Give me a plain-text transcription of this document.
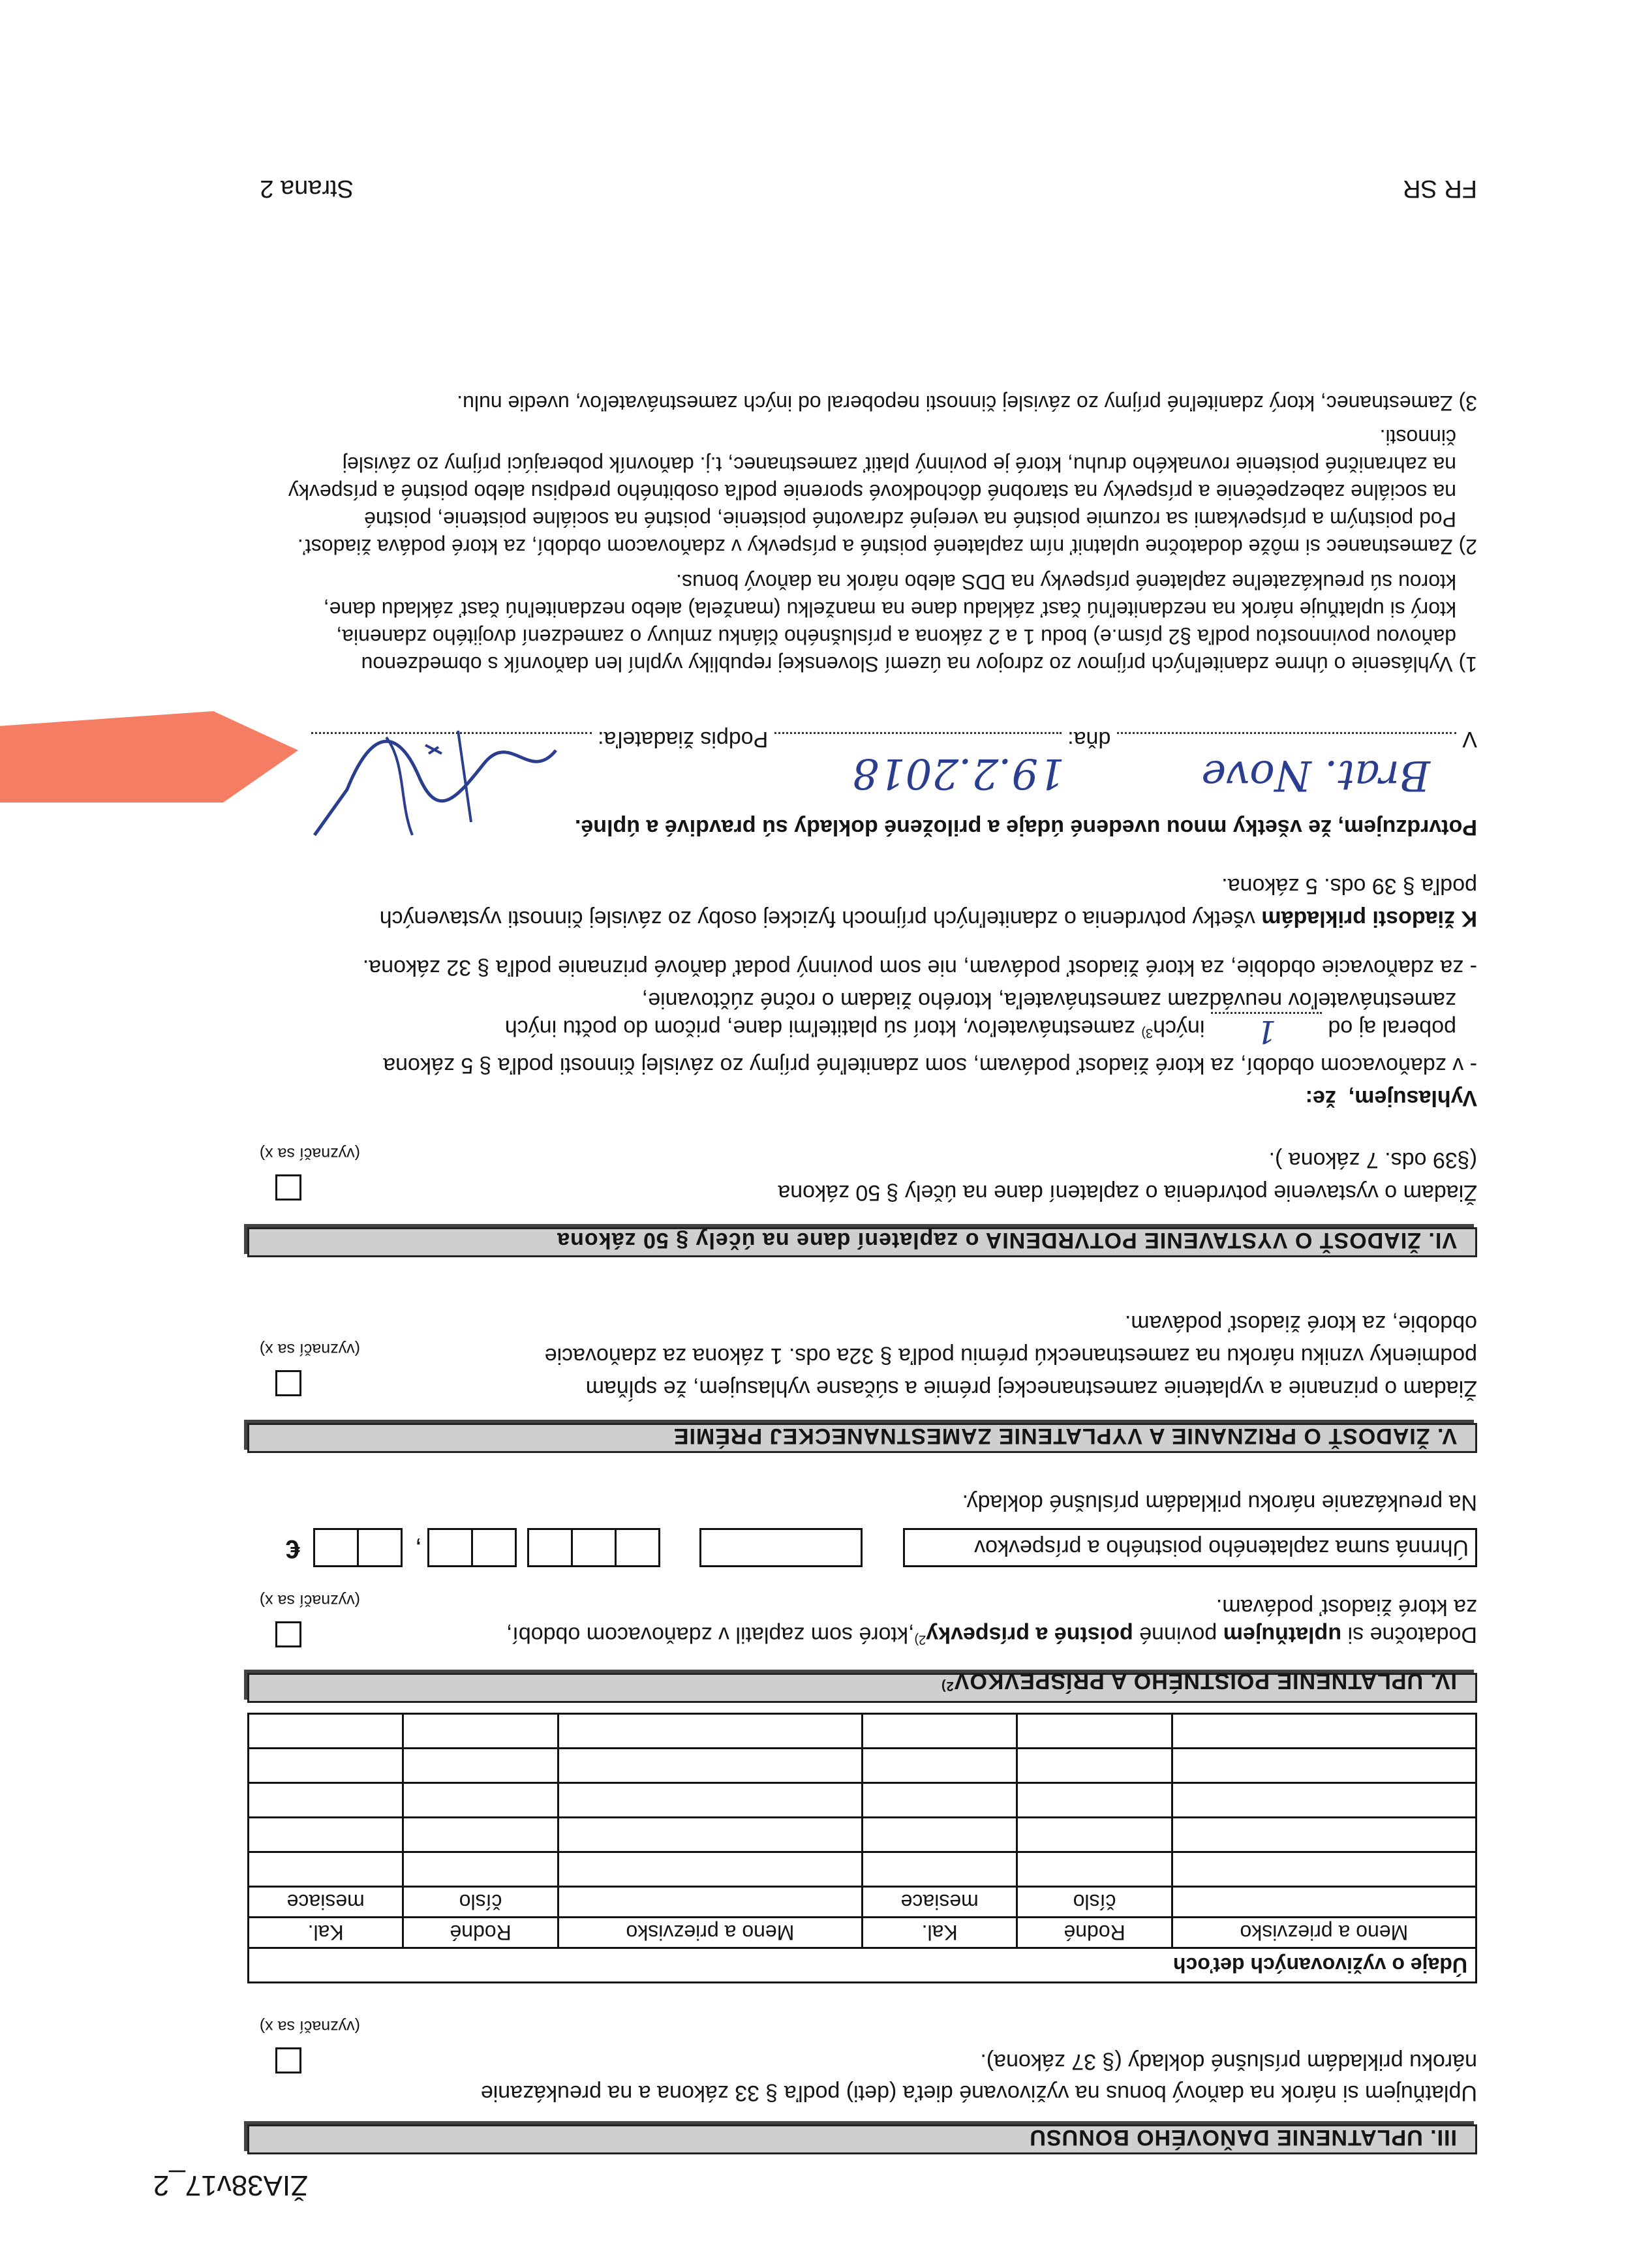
ŽIA38v17_2
III. UPLATNENIE DAŇOVÉHO BONUSU
Uplatňujem si nárok na daňový bonus na vyživované dieťa (deti) podľa § 33 zákona a na preukázanie
nároku prikladám príslušné doklady (§ 37 zákona).
(vyznačí sa x)
Údaje o vyživovaných deťoch					
Meno a priezvisko	Rodné	Kal.	Meno a priezvisko	Rodné	Kal.
	číslo	mesiace		číslo	mesiace

IV. UPLATNENIE POISTNÉHO A PRÍSPEVKOV$^{2)}$
Dodatočne si uplatňujem povinné poistné a príspevky$^{2)}$,ktoré som zaplatil v zdaňovacom období,
za ktoré žiadosť podávam.
(vyznačí sa x)
Úhrnná suma zaplateného poistného a príspevkov
,
€
Na preukázanie nároku prikladám príslušné doklady.
V. ŽIADOSŤ O PRIZNANIE A VYPLATENIE ZAMESTNANECKEJ PRÉMIE
Žiadam o priznanie a vyplatenie zamestnaneckej prémie a súčasne vyhlasujem, že spĺňam
podmienky vzniku nároku na zamestnaneckú prémiu podľa § 32a ods. 1 zákona za zdaňovacie
obdobie, za ktoré žiadosť podávam.
(vyznačí sa x)
VI. ŽIADOSŤ O VYSTAVENIE POTVRDENIA o zaplatení dane na účely § 50 zákona
Žiadam o vystavenie potvrdenia o zaplatení dane na účely § 50 zákona
(§39 ods. 7 zákona ).
(vyznačí sa x)
Vyhlasujem,  že:
- v zdaňovacom období, za ktoré žiadosť podávam, som zdaniteľné príjmy zo závislej činnosti podľa § 5 zákona
poberal aj od 1 iných$^{3)}$ zamestnávateľov, ktorí sú platiteľmi dane, pričom do počtu iných
zamestnávateľov neuvádzam zamestnávateľa, ktorého žiadam o ročné zúčtovanie,
- za zdaňovacie obdobie, za ktoré žiadosť podávam, nie som povinný podať daňové priznanie podľa § 32 zákona.
K žiadosti prikladám všetky potvrdenia o zdaniteľných príjmoch fyzickej osoby zo závislej činnosti vystavených
podľa § 39 ods. 5 zákona.
Potvrdzujem, že všetky mnou uvedené údaje a priložené doklady sú pravdivé a úplné.
V  dňa:  Podpis žiadateľa:
Brat. Nove
19.2.2018
1) Vyhlásenie o úhrne zdaniteľných príjmov zo zdrojov na území Slovenskej republiky vyplní len daňovník s obmedzenou
daňovou povinnosťou podľa §2 písm.e) bodu 1 a 2 zákona a príslušného článku zmluvy o zamedzení dvojitého zdanenia,
ktorý si uplatňuje nárok na nezdaniteľnú časť základu dane na manželku (manžela) alebo nezdaniteľnú časť základu dane,
ktorou sú preukázateľne zaplatené príspevky na DDS alebo nárok na daňový bonus.
2) Zamestnanec si môže dodatočne uplatniť ním zaplatené poistné a príspevky v zdaňovacom období, za ktoré podáva žiadosť.
Pod poistným a príspevkami sa rozumie poistné na verejné zdravotné poistenie, poistné na sociálne poistenie, poistné
na sociálne zabezpečenie a príspevky na starobné dôchodkové sporenie podľa osobitného predpisu alebo poistné a príspevky
na zahraničné poistenie rovnakého druhu, ktoré je povinný platiť zamestnanec, t.j. daňovník poberajúci príjmy zo závislej
činnosti.
3) Zamestnanec, ktorý zdaniteľné príjmy zo závislej činnosti nepoberal od iných zamestnávateľov, uvedie nulu.
FR SR
Strana 2
